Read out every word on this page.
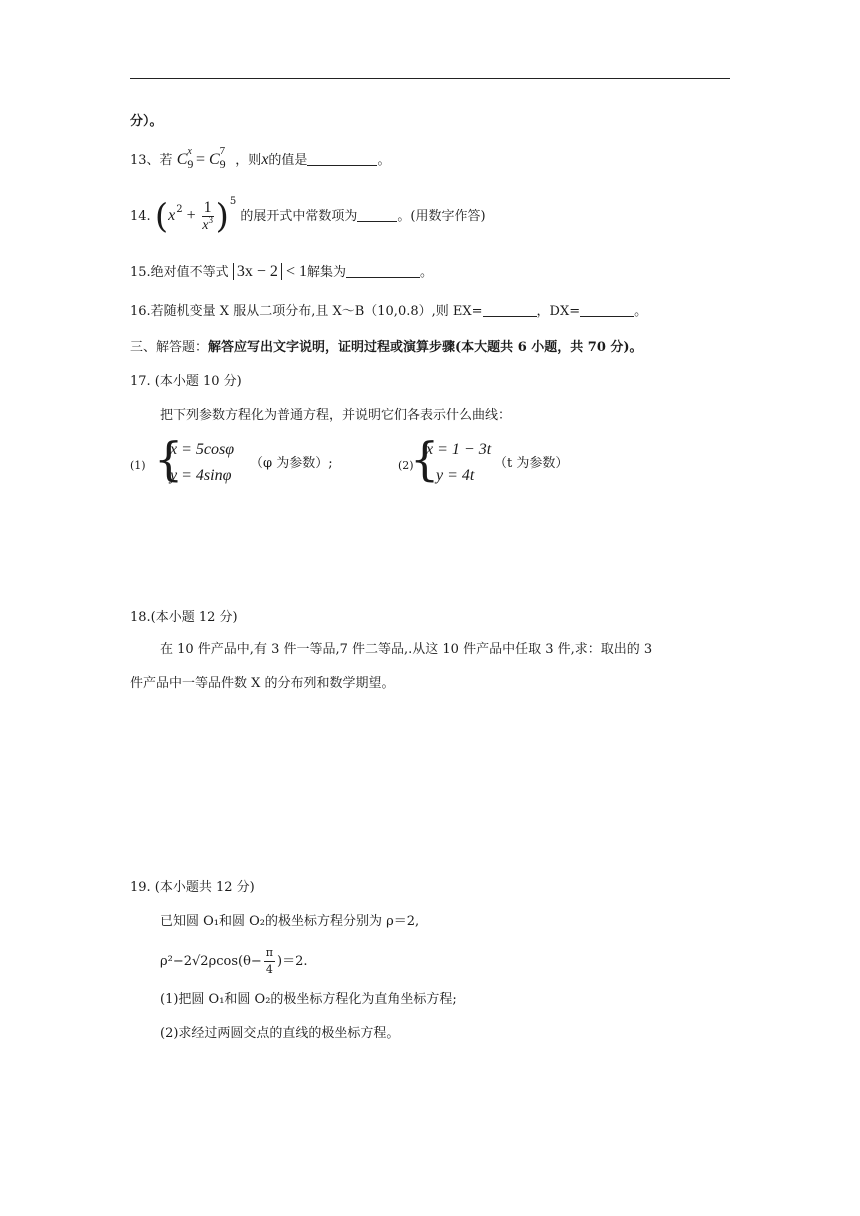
分）。
13、若 $C9^x = C9^7$ ，则x的值是	。
14. $(x^2 + \frac{1}{x^3} )^5$ 的展开式中常数项为	。(用数字作答)
15.绝对值不等式 3x − 2 < 1解集为	。
16.若随机变量 X 服从二项分布,且 X～B（10,0.8）,则 EX=	，DX=	。
三、解答题：解答应写出文字说明，证明过程或演算步骤(本大题共 6 小题，共 70 分)。
17. (本小题 10 分)
把下列参数方程化为普通方程，并说明它们各表示什么曲线：
(1) {
x = 5cosφ
y = 4sinφ
（φ 为参数）;	(2)
{
x = 1 − 3t
y = 4t
（t 为参数）
18.(本小题 12 分)
在 10 件产品中,有 3 件一等品,7 件二等品,.从这 10 件产品中任取 3 件,求：取出的 3
件产品中一等品件数 X 的分布列和数学期望。
19. (本小题共 12 分)
已知圆 O₁和圆 O₂的极坐标方程分别为 ρ＝2,
$\rho^2-2√2\rho\cos(\theta- \frac{\pi}{4} )=2$.
(1)把圆 O₁和圆 O₂的极坐标方程化为直角坐标方程;
(2)求经过两圆交点的直线的极坐标方程。
